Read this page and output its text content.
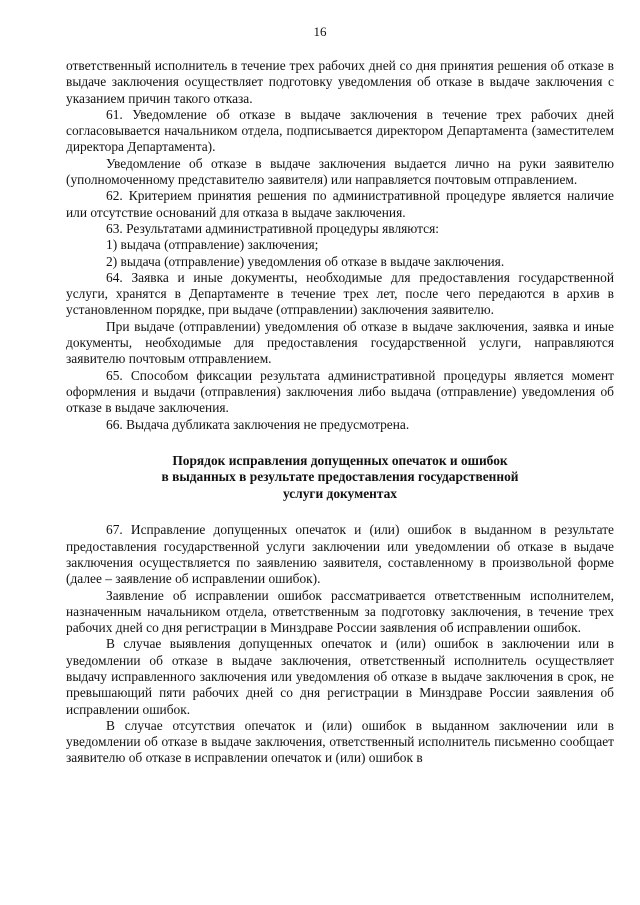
16

ответственный исполнитель в течение трех рабочих дней со дня принятия решения об отказе в выдаче заключения осуществляет подготовку уведомления об отказе в выдаче заключения с указанием причин такого отказа.

61. Уведомление об отказе в выдаче заключения в течение трех рабочих дней согласовывается начальником отдела, подписывается директором Департамента (заместителем директора Департамента).

Уведомление об отказе в выдаче заключения выдается лично на руки заявителю (уполномоченному представителю заявителя) или направляется почтовым отправлением.

62. Критерием принятия решения по административной процедуре является наличие или отсутствие оснований для отказа в выдаче заключения.

63. Результатами административной процедуры являются:

1) выдача (отправление) заключения;

2) выдача (отправление) уведомления об отказе в выдаче заключения.

64. Заявка и иные документы, необходимые для предоставления государственной услуги, хранятся в Департаменте в течение трех лет, после чего передаются в архив в установленном порядке, при выдаче (отправлении) заключения заявителю.

При выдаче (отправлении) уведомления об отказе в выдаче заключения, заявка и иные документы, необходимые для предоставления государственной услуги, направляются заявителю почтовым отправлением.

65. Способом фиксации результата административной процедуры является момент оформления и выдачи (отправления) заключения либо выдача (отправление) уведомления об отказе в выдаче заключения.

66. Выдача дубликата заключения не предусмотрена.

Порядок исправления допущенных опечаток и ошибок
в выданных в результате предоставления государственной
услуги документах

67. Исправление допущенных опечаток и (или) ошибок в выданном в результате предоставления государственной услуги заключении или уведомлении об отказе в выдаче заключения осуществляется по заявлению заявителя, составленному в произвольной форме (далее – заявление об исправлении ошибок).

Заявление об исправлении ошибок рассматривается ответственным исполнителем, назначенным начальником отдела, ответственным за подготовку заключения, в течение трех рабочих дней со дня регистрации в Минздраве России заявления об исправлении ошибок.

В случае выявления допущенных опечаток и (или) ошибок в заключении или в уведомлении об отказе в выдаче заключения, ответственный исполнитель осуществляет выдачу исправленного заключения или уведомления об отказе в выдаче заключения в срок, не превышающий пяти рабочих дней со дня регистрации в Минздраве России заявления об исправлении ошибок.

В случае отсутствия опечаток и (или) ошибок в выданном заключении или в уведомлении об отказе в выдаче заключения, ответственный исполнитель письменно сообщает заявителю об отказе в исправлении опечаток и (или) ошибок в
